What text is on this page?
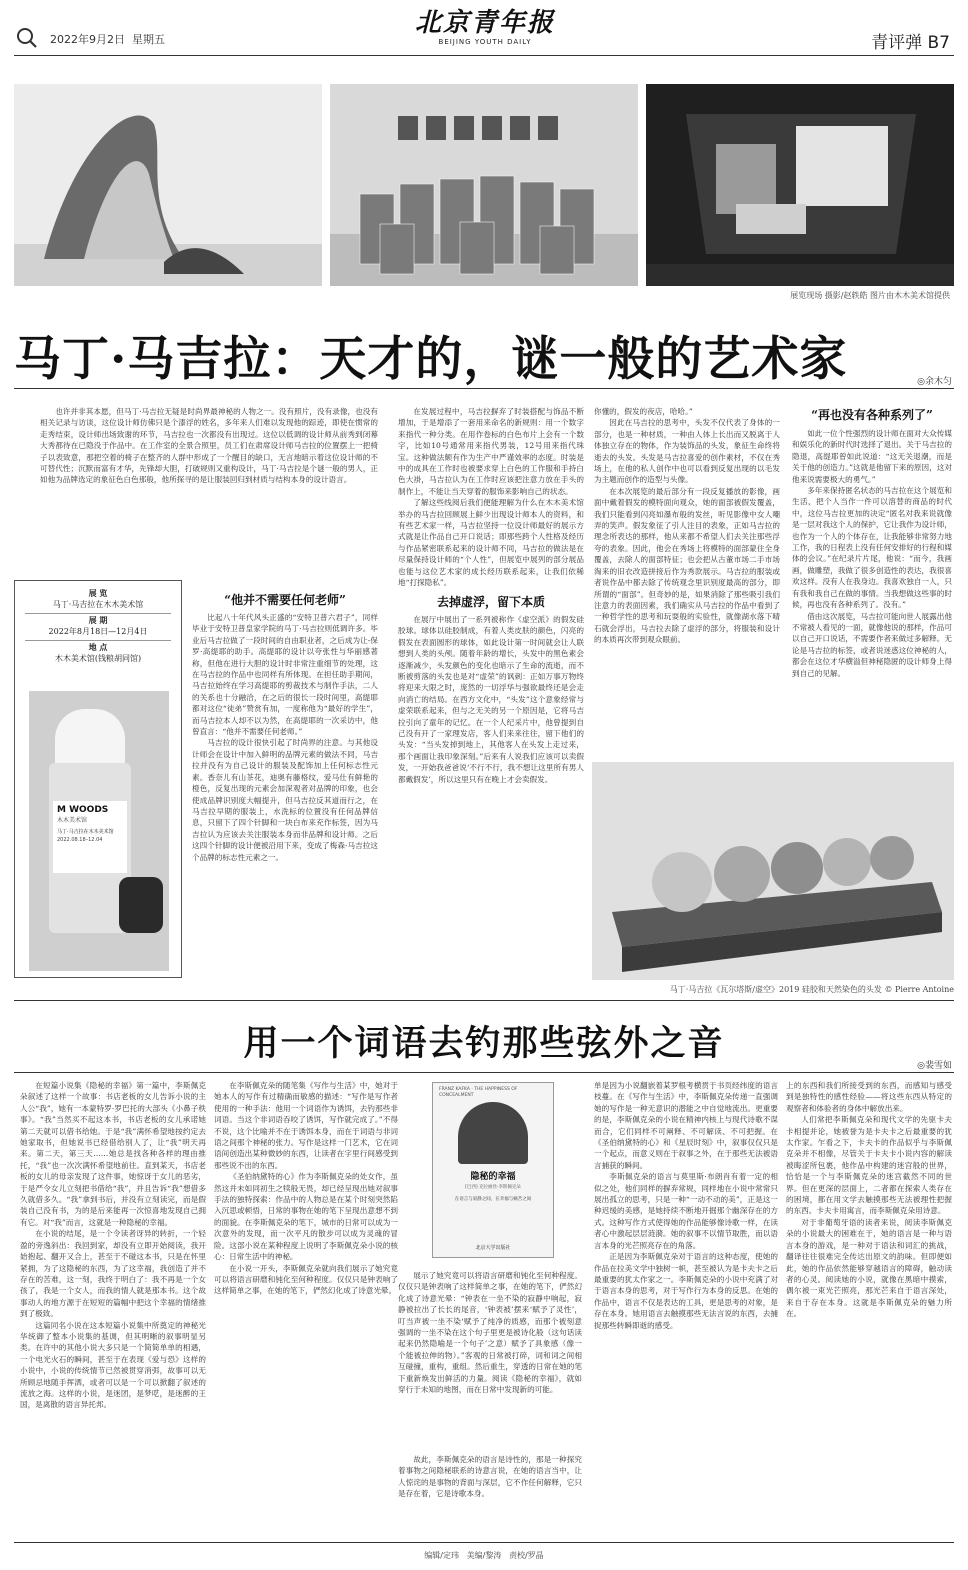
2022年9月2日 星期五
北京青年报
BEIJING YOUTH DAILY	青评弹 B7
展览现场 摄影/赵轶皓 图片由木木美术馆提供
马丁·马吉拉：天才的，谜一般的艺术家	◎余木匀
也许并非其本愿，但马丁·马吉拉无疑是时尚界最神秘的人物之一。没有照片，没有录像，也没有相关记录与访谈，这位设计师仿佛只是个漆浮的姓名，多年来人们难以发现他的踪迹，即使在惯常的走秀结束，设计师出场致谢的环节，马吉拉也一次都没有出现过。这位以低调的设计师从前秀到闭幕大秀都待在已隐没于作品中。在工作室的全景合照里，员工们在肃席设计师马吉拉的位置摆上一把椅子以表致意，那把空着的椅子在整齐的人群中形成了一个醒目的缺口，无言地暗示着这位设计师的不可替代性；沉默而富有才华，先锋却大胆，打破规则又重构设计，马丁·马吉拉是个谜一般的男人，正如他为品牌选定的象征色白色那般，他所探寻的是让服装回归到材质与结构本身的设计语言。
展 览
马丁·马吉拉在木木美术馆
展 期
2022年8月18日—12月4日
地 点
木木美术馆(钱粮胡同馆)
M WOODS
木木美术馆
马丁·马吉拉在木木美术馆
2022.08.18–12.04
“他并不需要任何老师”

比起八十年代风头正盛的“安特卫普六君子”，同样毕业于安特卫普皇家学院的马丁·马吉拉则低调许多。毕业后马吉拉做了一段时间的自由职业者，之后成为让-保罗·高缇耶的助手。高缇耶的设计以夸张性与华丽感著称，但他在进行大胆的设计时非常注重细节的处理，这在马吉拉的作品中也同样有所体现。在担任助手期间，马吉拉始终在学习高缇耶的剪裁技术与制作手法，二人的关系也十分融洽，在之后的很长一段时间里，高缇耶都对这位“徒弟”赞赏有加，一度称他为“最好的学生”，而马吉拉本人却不以为然，在高缇耶的一次采访中，他曾直言：“他并不需要任何老师。”

马吉拉的设计很快引起了时尚界的注意。与其他设计师会在设计中加入鲜明的品牌元素的做法不同，马吉拉并没有为自己设计的服装及配饰加上任何标志性元素。香奈儿有山茶花，迪奥有藤格纹，爱马仕有鲜艳的橙色，反复出现的元素会加深观者对品牌的印象，也会使成品牌识别度大幅提升，但马吉拉反其道而行之，在马吉拉早期的服装上，水洗标的位置没有任何品牌信息，只留下了四个针脚和一块白布来充作标签，因为马吉拉认为应该去关注服装本身而非品牌和设计师。之后这四个针脚的设计便被沿用下来，变成了梅森·马吉拉这个品牌的标志性元素之一。

在发展过程中，马吉拉摒弃了时装搭配与饰品不断增加，于是增添了一套用来命名的新规则：用一个数字来指代一种分类。在用作卷标的白色布片上会有一个数字，比如10号通常用来指代男装，12号用来指代珠宝。这种做法颇有作为生产中严谨效率的态度。时装是中的成具在工作时也被要求穿上白色的工作服和手持白色大褂，马吉拉认为在工作时应该把注意力放在手头的制作上，不能让当天穿着的服饰来影响自己的状态。

了解这些线阅后我们便能理解为什么在木木美术馆举办的马吉拉回顾展上鲜少出现设计师本人的资料，和有些艺术家一样，马吉拉坚持一位设计师最好的展示方式就是让作品自己开口说话；即那些跨个人性格及经历与作品紧密联系起来的设计师不同，马吉拉的做法是在尽量保持设计师的“个人性”，但展览中展列的部分展品也能与这位艺术家的成长经历联系起来，让我们依稀地“打探隐私”。

去掉虚浮，留下本质

在展厅中展出了一系列被称作《虚空派》的假发硅胶球。球体以硅胶制成，有着人类皮肤的颜色，闪亮的假发在表面圆形的球体，如此设计第一时间就会让人联想到人类的头颅。随着年龄的增长，头发中的黑色素会逐渐减少，头发颜色的变化也暗示了生命的流逝，而不断被剪落的头发也是对“虚荣”的讽刺：正如万事万物终将迎来大限之时，庞然的一切浮华与强欲最终还是会走向消亡的结局。在西方文化中，“头发”这个意象经常与虚荣联系起来，但与之无关的另一个原因是，它将马吉拉引向了童年的记忆。在一个人纪采片中，他曾提到自己没有开了一家理发店，客人们来来往往，留下他们的头发：“当头发掉到地上，其他客人在头发上走过来，那个画面让我印象深刻。”后来有人说我们应该可以卖假发，一开始我爸爸说‘不行不行，我不想让这里所有男人都戴假发’，所以这里只有在晚上才会卖假发。

你懂的，假发的夜店，哈哈。”

因此在马吉拉的思考中，头发不仅代表了身体的一部分，也是一种材质，一种由人体上长出而又脱离于人体独立存在的物体，作为装饰品的头发，象征生命终将逝去的头发。头发是马吉拉喜爱的创作素材，不仅在秀场上，在他的私人创作中也可以看到反复出现的以毛发为主题而创作的造型与头像。

在本次展览的最后部分有一段反复播放的影像，画面中戴着假发的模特面向观众，她的面部被假发覆盖，我们只能看到闪亮如瀑布般的发丝，听见影像中女人嘲弄的笑声。假发象征了引人注目的表象，正如马吉拉的理念所表达的那样，他从来都不希望人们去关注那些浮夸的表象。因此，他会在秀场上将模特的面部蒙住全身覆盖，去除人的面部特征；也会把从古董市场二手市场淘来的旧衣改造拼接后作为秀款展示。马吉拉的服装或者说作品中都去除了传统观念里识别度最高的部分，即所谓的“面部”。但奇妙的是，如果消除了那些吸引我们注意力的表面因素，我们确实从马吉拉的作品中看到了一种哲学性的思考和玩耍般的实验性，就像湖水落下晴石就会浮出，马吉拉去除了虚浮的部分，将服装和设计的本质再次带到观众眼前。

“再也没有各种系列了”

如此一位个性强烈的设计师在面对大众传媒和娱乐化的新时代时选择了退出。关于马吉拉的隐退，高缇耶曾如此说道：“这无关退潮，而是关于他的创造力。”这就是他留下来的原因，这对他来说需要极大的勇气。”

多年来保持匿名状态的马吉拉在这个展览和生活，把个人当作一件可以溶替的商品的时代中，这位马吉拉更加的决定“匿名对我来说就像是一层对我这个人的保护，它让我作为设计师，也作为一个人的个体存在，让我能够非常努力地工作，我的日程表上没有任何安排好的行程和媒体的会议。”在纪录片片尾，他说：“而今，我画画，做雕塑，我做了很多创造性的表达，我很喜欢这样。没有人在我身边。我喜欢独自一人，只有我和我自己在做的事情。当我想做这些事的时候，再也没有各种系列了。没有。”

借由这次展览，马吉拉可能向世人展露出他不常被人看见的一面，就像他说的那样，作品可以自己开口说话，不需要作者来做过多解释。无论是马吉拉的标签，或者说迷惑这位神秘的人，都会在这位才华横溢但神秘隐匿的设计师身上得到自己的见解。

马丁·马吉拉《瓦尔塔斯/虚空》2019 硅胶和天然染色的头发 © Pierre Antoine
用一个词语去钓那些弦外之音
◎裴雪如

在短篇小说集《隐秘的幸福》第一篇中，李斯佩克朵叙述了这样一个故事：书店老板的女儿告诉小说的主人公“我”，她有一本蒙特罗·罗巴托的大部头《小鼻子秩事》。“我”当然买不起这本书，书店老板的女儿承诺她第二天就可以借书给她。于是“我”满怀希望地按约定去她家取书，但她说书已经借给别人了，让“我”明天再来。第二天，第三天……她总是找各种各样的理由推托，“我”也一次次满怀希望地前往。直到某天，书店老板的女儿的母亲发现了这件事，她惊讶于女儿的恶劣，于是严令女儿立刻把书借给“我”，并且告诉“我”想借多久就借多久。“我”拿到书后，并没有立刻读完，而是假装自己没有书，为的是后来能再一次惊喜地发现自己拥有它。对“我”而言，这就是一种隐秘的幸福。

在小说的结尾，是一个令读者讶异的转折，一个轻盈的旁逸斜出：我回到家，却没有立即开始阅读，我开始抱起、翻开又合上，甚至于不碰这本书，只是在怀里紧拥，为了这隐秘的东西，为了这幸福，我创造了并不存在的苦难，这一刻，我终于明白了：我不再是一个女孩了，我是一个女人，而我的情人就是那本书。这个故事动人的地方源于在短短的篇幅中把这个幸福的情绪推到了极致。

这篇同名小说在这本短篇小说集中所奠定的神秘光华统御了整本小说集的基调，但其明晰的叙事明显另类。在许中的其他小说大多只是一个简简单单的相遇，一个电光火石的瞬间，甚至于在表现《爱与恐》这样的小说中，小说的传统情节已然被贯穿消弭，故事可以无所顾忌地随手挥洒，或者可以是一个可以掀翻了叙述的流放之海。这样的小说，是迷团，是梦呓，是迷醉的王国，是离散的语言异托邦。

在李斯佩克朵的随笔集《写作与生活》中，她对于她本人的写作有过精确而敏感的描述：“写作是写作者使用的一种手法：他用一个词语作为诱饵，去钓那些非词语。当这个非词语吞咬了诱饵，写作就完成了。”不得不说，这个比喻并不在于诱饵本身，而在于词语与非词语之间那个神秘的张力。写作是这样一门艺术，它在词语间创造出某种微妙的东西，让读者在字里行间感受到那些说不出的东西。

《圣伯纳黛特的心》作为李斯佩克朵的处女作，虽然这并未如同初生之犊般无畏，却已经呈现出她对叙事手法的独特探索：作品中的人物总是在某个时刻突然陷入沉思或顿悟，日常的事物在她的笔下呈现出意想不到的面貌。在李斯佩克朵的笔下，城市的日常可以成为一次意外的发现，而一次平凡的散步可以成为灵魂的冒险。这部小说在某种程度上说明了李斯佩克朵小说的核心：日常生活中的神秘。

在小说一开头，李斯佩克朵就向我们展示了她究竟可以将语言研磨和钝化至何种程度。仅仅只是钟表响了这样简单之事，在她的笔下，俨然幻化成了诗意光晕。

FRANZ KAFKA · THE HAPPINESS OF CONCEALMENT
隐秘的幸福
[巴西] 克拉丽丝·李斯佩克朵
在语言与寂静之间，在幸福与痛苦之间
北京大学出版社
展示了她究竟可以将语言研磨和钝化至何种程度。仅仅只是钟表响了这样简单之事，在她的笔下，俨然幻化成了诗意光晕：“钟表在一坐不染的寂静中响起，寂静被拉出了长长的尾音，‘钟表被’摆来‘赋予了灵性’，叮当声被一坐不染‘赋予了纯净的质感，而那个被刻意强调的一坐不染在这个句子里更是被诗化般（这句话读起来仍然隐喻是一个句子’之意）赋予了具象感（像一个能被拉伸的物）。”客观的日常被打碎，词和词之间相互碰撞，重构，重组。然后重生，穿透的日常在她的笔下重新焕发出鲜活的力量。阅读《隐秘的幸福》，就如穿行于未知的地图，而在日常中发现新的可能。
故此，李斯佩克朵的语言是诗性的，那是一种探究着事物之间隐秘联系的诗意言说，在她的语言当中，让人惊诧的是事物的背面与深层，它不作任何解释，它只是存在着，它是诗歌本身。

单是因为小说翻嵌着某罗根考横贯于书页经纬度的语言枝蔓。在《写作与生活》中，李斯佩克朵传递一直强调她的写作是一种无意识的潜能之中自觉地流出。更重要的是，李斯佩克朵的小说在精神内核上与现代诗歌不谋而合，它们同样不可阐释、不可解读、不可把握。在《圣伯纳黛特的心》和《星辰时刻》中，叙事仅仅只是一个起点，而意义则在于叙事之外，在于那些无法被语言捕获的瞬间。

李斯佩克朵的语言与莫里斯·布朗肖有着一定的相似之处，他们同样的摒弃常规，同样地在小说中常常只展出孤立的思考，只是一种“一动不动的美”，正是这一种迟缓的美感，是她持续不断地开掘那个幽深存在的方式。这种写作方式使得她的作品能够像诗歌一样，在读者心中激起层层涟漪。她的叙事不以情节取胜，而以语言本身的光芒照亮存在的角落。

正是因为李斯佩克朵对于语言的这种态度，使她的作品在拉美文学中独树一帜，甚至被认为是卡夫卡之后最重要的犹太作家之一。李斯佩克朵的小说中充满了对于语言本身的思考，对于写作行为本身的反思。在她的作品中，语言不仅是表达的工具，更是思考的对象，是存在本身。她用语言去触摸那些无法言说的东西，去捕捉那些转瞬即逝的感受。

上的东西和我们所接受到的东西，而感知与感受到是独特性的感性经验——将这些东西从特定的观察者和体验者的身体中解放出来。

人们常把李斯佩克朵和现代文学的先驱卡夫卡相提并论，她被誉为是卡夫卡之后最重要的犹太作家。乍看之下，卡夫卡的作品似乎与李斯佩克朵并不相像，尽管关于卡夫卡小说内容的解读被晦涩所包裹，他作品中构建的迷宫般的世界，恰恰是一个与李斯佩克朵的迷宫截然不同的世界。但在更深的层面上，二者都在探索人类存在的困境，都在用文学去触摸那些无法被理性把握的东西。卡夫卡用寓言，而李斯佩克朵用诗意。

对于非葡萄牙语的读者来说，阅读李斯佩克朵的小说最大的困难在于，她的语言是一种与语言本身的游戏，是一种对于语法和词汇的挑战，翻译往往很难完全传达出原文的韵味。但即便如此，她的作品依然能够穿越语言的障碍，触动读者的心灵。阅读她的小说，就像在黑暗中摸索，偶尔被一束光芒照亮，那光芒来自于语言深处，来自于存在本身。这就是李斯佩克朵的魅力所在。

编辑/定玮 美编/黎涛 责校/罗晶
